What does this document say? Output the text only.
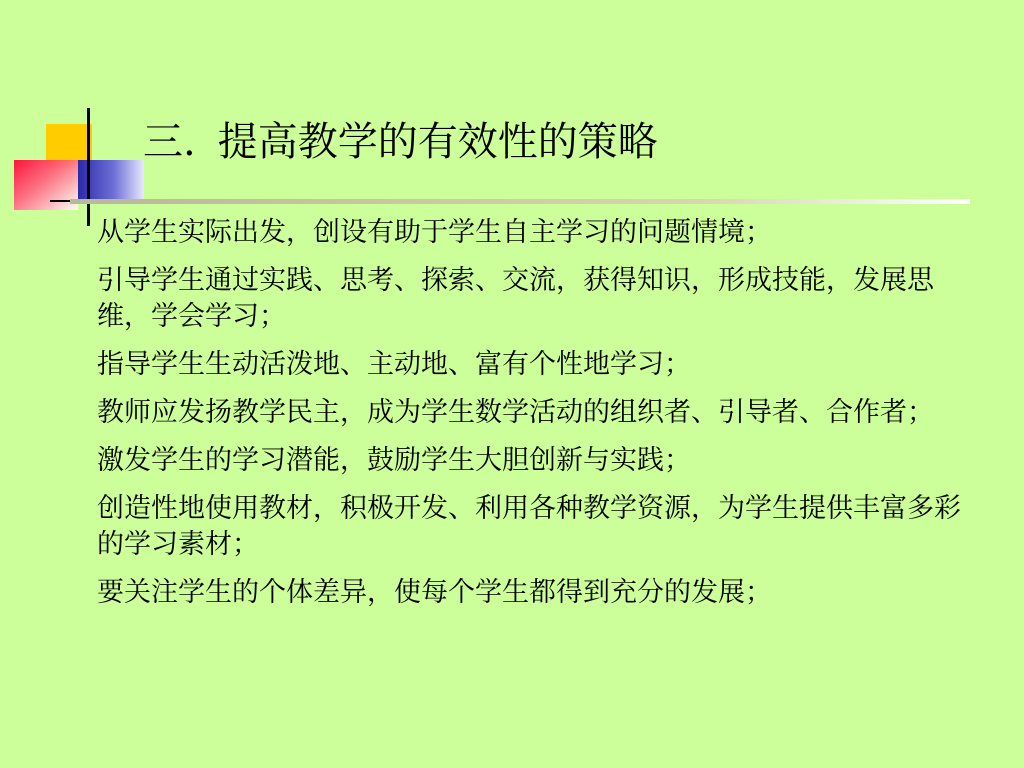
三. 提高教学的有效性的策略
从学生实际出发，创设有助于学生自主学习的问题情境；
引导学生通过实践、思考、探索、交流，获得知识，形成技能，发展思维，学会学习；
指导学生生动活泼地、主动地、富有个性地学习；
教师应发扬教学民主，成为学生数学活动的组织者、引导者、合作者；
激发学生的学习潜能，鼓励学生大胆创新与实践；
创造性地使用教材，积极开发、利用各种教学资源，为学生提供丰富多彩的学习素材；
要关注学生的个体差异，使每个学生都得到充分的发展；
